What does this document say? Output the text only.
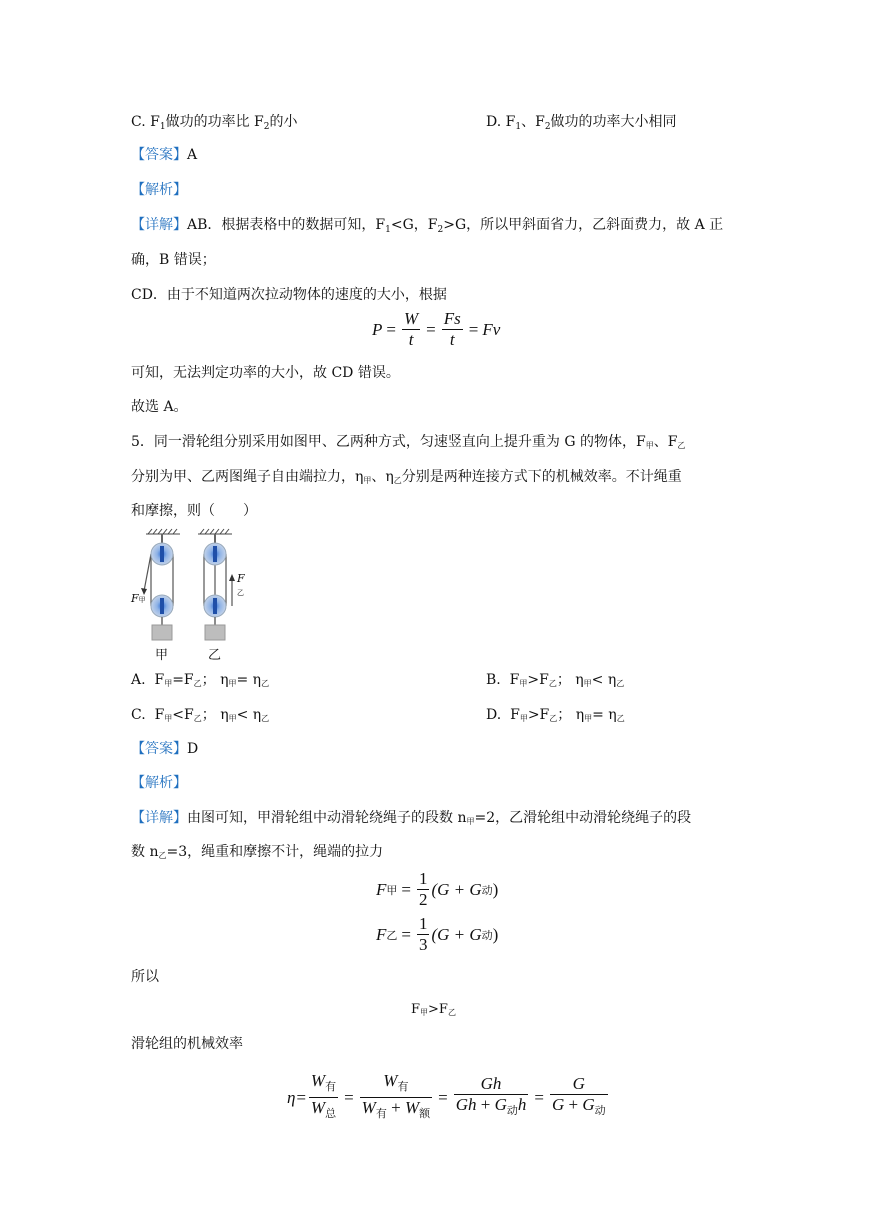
C. $F_1$做功的功率比 $F_2$的小	D. $F_1$、$F_2$做功的功率大小相同
【答案】A
【解析】
【详解】AB．根据表格中的数据可知，$F_1<G$，$F_2>G$，所以甲斜面省力，乙斜面费力，故 A 正
确，B 错误；
CD．由于不知道两次拉动物体的速度的大小，根据
$P = \frac{W}{t} = \frac{Fs}{t} = Fv$
可知，无法判定功率的大小，故 CD 错误。
故选 A。
5．同一滑轮组分别采用如图甲、乙两种方式，匀速竖直向上提升重为 G 的物体，F甲、F乙
分别为甲、乙两图绳子自由端拉力，η甲、η乙分别是两种连接方式下的机械效率。不计绳重
和摩擦，则（　　）
F甲
F乙
甲	乙
A. F甲=F乙； η甲= η乙	B. F甲>F乙； η甲< η乙
C. F甲<F乙； η甲< η乙	D. F甲>F乙； η甲= η乙
【答案】D
【解析】
【详解】由图可知，甲滑轮组中动滑轮绕绳子的段数 n甲=2，乙滑轮组中动滑轮绕绳子的段
数 n乙=3，绳重和摩擦不计，绳端的拉力
F 甲 = $\frac{1}{2} (G + G$ 动 )
F 乙 = $\frac{1}{3} (G + G$ 动 )
所以
F甲>F乙
滑轮组的机械效率
$\eta= \frac{W_有}{W_总} = \frac{W_有}{W_有 + W_额} = \frac{Gh}{Gh + G_动h} = \frac{G}{G + G_动}$
